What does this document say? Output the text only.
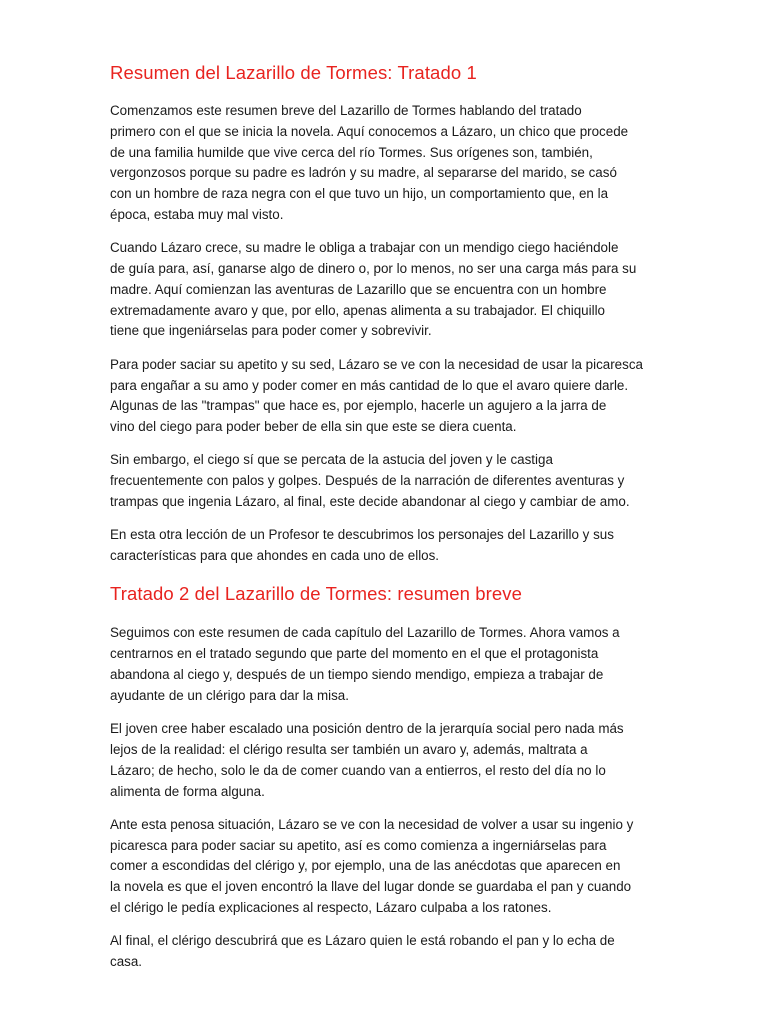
Resumen del Lazarillo de Tormes: Tratado 1

Comenzamos este resumen breve del Lazarillo de Tormes hablando del tratado
primero con el que se inicia la novela. Aquí conocemos a Lázaro, un chico que procede
de una familia humilde que vive cerca del río Tormes. Sus orígenes son, también,
vergonzosos porque su padre es ladrón y su madre, al separarse del marido, se casó
con un hombre de raza negra con el que tuvo un hijo, un comportamiento que, en la
época, estaba muy mal visto.

Cuando Lázaro crece, su madre le obliga a trabajar con un mendigo ciego haciéndole
de guía para, así, ganarse algo de dinero o, por lo menos, no ser una carga más para su
madre. Aquí comienzan las aventuras de Lazarillo que se encuentra con un hombre
extremadamente avaro y que, por ello, apenas alimenta a su trabajador. El chiquillo
tiene que ingeniárselas para poder comer y sobrevivir.

Para poder saciar su apetito y su sed, Lázaro se ve con la necesidad de usar la picaresca
para engañar a su amo y poder comer en más cantidad de lo que el avaro quiere darle.
Algunas de las "trampas" que hace es, por ejemplo, hacerle un agujero a la jarra de
vino del ciego para poder beber de ella sin que este se diera cuenta.

Sin embargo, el ciego sí que se percata de la astucia del joven y le castiga
frecuentemente con palos y golpes. Después de la narración de diferentes aventuras y
trampas que ingenia Lázaro, al final, este decide abandonar al ciego y cambiar de amo.

En esta otra lección de un Profesor te descubrimos los personajes del Lazarillo y sus
características para que ahondes en cada uno de ellos.

Tratado 2 del Lazarillo de Tormes: resumen breve

Seguimos con este resumen de cada capítulo del Lazarillo de Tormes. Ahora vamos a
centrarnos en el tratado segundo que parte del momento en el que el protagonista
abandona al ciego y, después de un tiempo siendo mendigo, empieza a trabajar de
ayudante de un clérigo para dar la misa.

El joven cree haber escalado una posición dentro de la jerarquía social pero nada más
lejos de la realidad: el clérigo resulta ser también un avaro y, además, maltrata a
Lázaro; de hecho, solo le da de comer cuando van a entierros, el resto del día no lo
alimenta de forma alguna.

Ante esta penosa situación, Lázaro se ve con la necesidad de volver a usar su ingenio y
picaresca para poder saciar su apetito, así es como comienza a ingerniárselas para
comer a escondidas del clérigo y, por ejemplo, una de las anécdotas que aparecen en
la novela es que el joven encontró la llave del lugar donde se guardaba el pan y cuando
el clérigo le pedía explicaciones al respecto, Lázaro culpaba a los ratones.

Al final, el clérigo descubrirá que es Lázaro quien le está robando el pan y lo echa de
casa.
